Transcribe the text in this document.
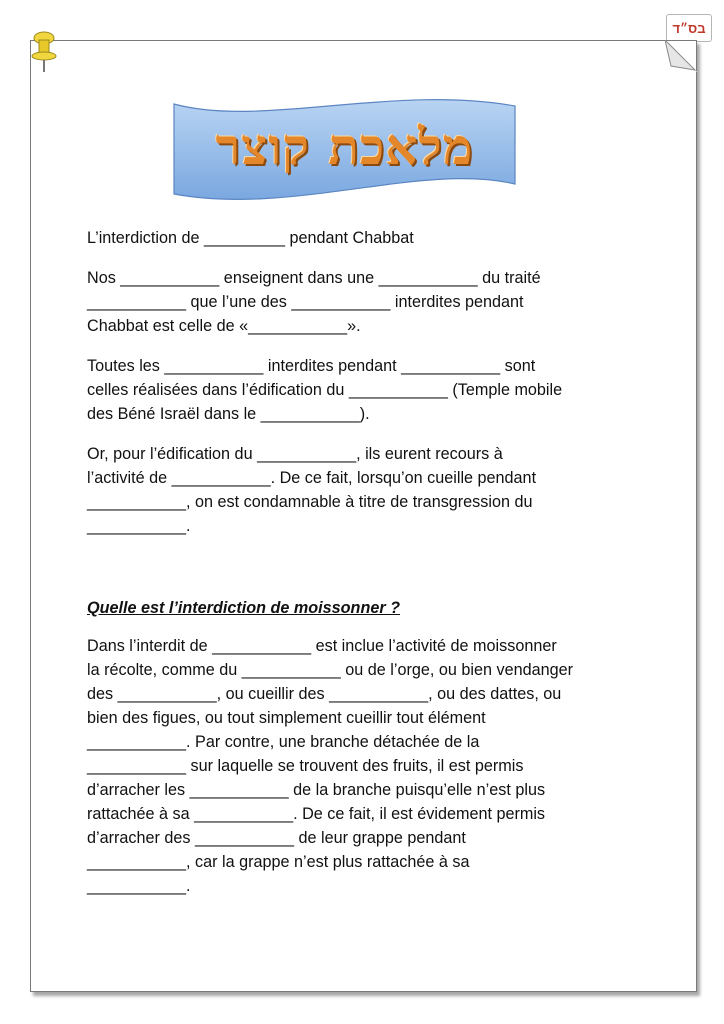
בס״ד
מלאכת קוצר

L’interdiction de _________ pendant Chabbat

Nos ___________ enseignent dans une ___________ du traité
___________ que l’une des ___________ interdites pendant
Chabbat est celle de «___________».

Toutes les ___________ interdites pendant ___________ sont
celles réalisées dans l’édification du ___________ (Temple mobile
des Béné Israël dans le ___________).

Or, pour l’édification du ___________, ils eurent recours à
l’activité de ___________. De ce fait, lorsqu’on cueille pendant
___________, on est condamnable à titre de transgression du
___________.

Quelle est l’interdiction de moissonner ?

Dans l’interdit de ___________ est inclue l’activité de moissonner
la récolte, comme du ___________ ou de l’orge, ou bien vendanger
des ___________, ou cueillir des ___________, ou des dattes, ou
bien des figues, ou tout simplement cueillir tout élément
___________. Par contre, une branche détachée de la
___________ sur laquelle se trouvent des fruits, il est permis
d’arracher les ___________ de la branche puisqu’elle n’est plus
rattachée à sa ___________. De ce fait, il est évidement permis
d’arracher des ___________ de leur grappe pendant
___________, car la grappe n’est plus rattachée à sa
___________.
